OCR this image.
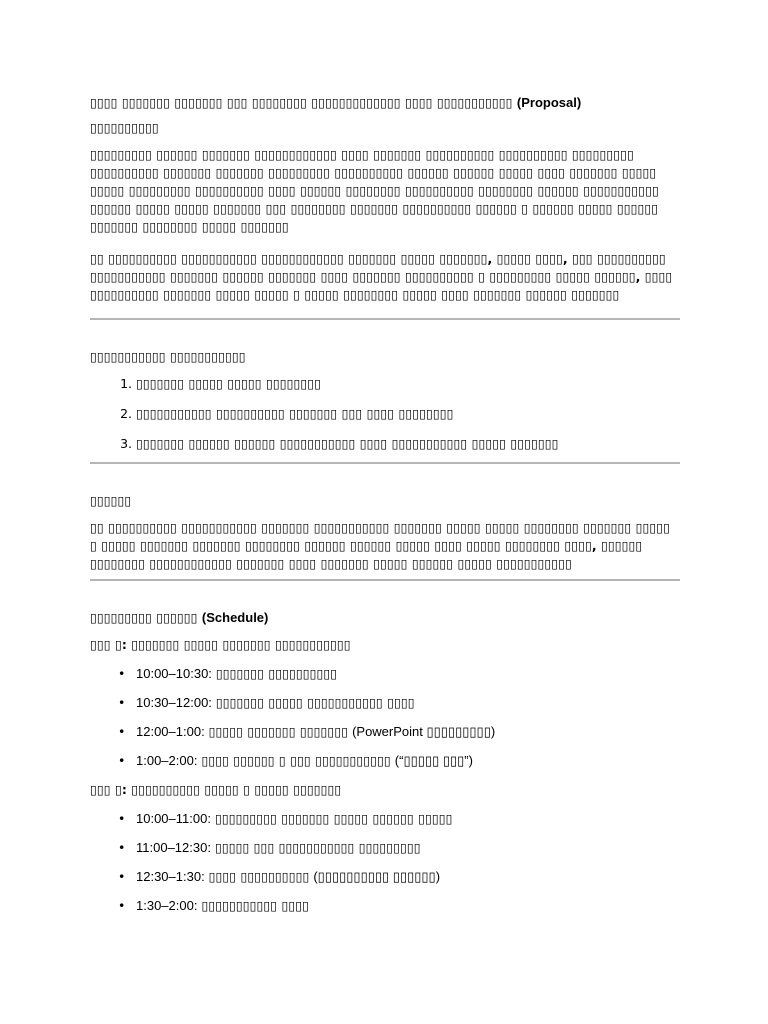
▯▯▯▯ ▯▯▯▯▯▯▯ ▯▯▯▯▯▯▯ ▯▯▯ ▯▯▯▯▯▯▯▯ ▯▯▯▯▯▯▯▯▯▯▯▯▯ ▯▯▯▯ ▯▯▯▯▯▯▯▯▯▯▯ (Proposal)
▯▯▯▯▯▯▯▯▯▯

▯▯▯▯▯▯▯▯▯ ▯▯▯▯▯▯ ▯▯▯▯▯▯▯ ▯▯▯▯▯▯▯▯▯▯▯▯ ▯▯▯▯ ▯▯▯▯▯▯▯ ▯▯▯▯▯▯▯▯▯▯ ▯▯▯▯▯▯▯▯▯▯ ▯▯▯▯▯▯▯▯▯ ▯▯▯▯▯▯▯▯▯▯ ▯▯▯▯▯▯▯ ▯▯▯▯▯▯▯ ▯▯▯▯▯▯▯▯▯ ▯▯▯▯▯▯▯▯▯▯ ▯▯▯▯▯▯ ▯▯▯▯▯▯ ▯▯▯▯▯ ▯▯▯▯ ▯▯▯▯▯▯▯ ▯▯▯▯▯ ▯▯▯▯▯ ▯▯▯▯▯▯▯▯▯ ▯▯▯▯▯▯▯▯▯▯ ▯▯▯▯ ▯▯▯▯▯▯ ▯▯▯▯▯▯▯▯ ▯▯▯▯▯▯▯▯▯▯ ▯▯▯▯▯▯▯▯ ▯▯▯▯▯▯ ▯▯▯▯▯▯▯▯▯▯▯ ▯▯▯▯▯▯ ▯▯▯▯▯ ▯▯▯▯▯ ▯▯▯▯▯▯▯ ▯▯▯ ▯▯▯▯▯▯▯▯ ▯▯▯▯▯▯▯ ▯▯▯▯▯▯▯▯▯▯ ▯▯▯▯▯▯ ▯ ▯▯▯▯▯▯ ▯▯▯▯▯ ▯▯▯▯▯▯ ▯▯▯▯▯▯▯ ▯▯▯▯▯▯▯▯ ▯▯▯▯▯ ▯▯▯▯▯▯▯

▯▯ ▯▯▯▯▯▯▯▯▯▯ ▯▯▯▯▯▯▯▯▯▯▯ ▯▯▯▯▯▯▯▯▯▯▯▯ ▯▯▯▯▯▯▯ ▯▯▯▯▯ ▯▯▯▯▯▯▯, ▯▯▯▯▯ ▯▯▯▯, ▯▯▯ ▯▯▯▯▯▯▯▯▯▯ ▯▯▯▯▯▯▯▯▯▯▯ ▯▯▯▯▯▯▯ ▯▯▯▯▯▯ ▯▯▯▯▯▯▯ ▯▯▯▯ ▯▯▯▯▯▯▯ ▯▯▯▯▯▯▯▯▯▯ ▯ ▯▯▯▯▯▯▯▯▯ ▯▯▯▯▯ ▯▯▯▯▯▯, ▯▯▯▯ ▯▯▯▯▯▯▯▯▯▯ ▯▯▯▯▯▯▯ ▯▯▯▯▯ ▯▯▯▯▯ ▯ ▯▯▯▯▯ ▯▯▯▯▯▯▯▯ ▯▯▯▯▯ ▯▯▯▯ ▯▯▯▯▯▯▯ ▯▯▯▯▯▯ ▯▯▯▯▯▯▯

▯▯▯▯▯▯▯▯▯▯▯ ▯▯▯▯▯▯▯▯▯▯▯
1. ▯▯▯▯▯▯▯ ▯▯▯▯▯ ▯▯▯▯▯ ▯▯▯▯▯▯▯▯
2. ▯▯▯▯▯▯▯▯▯▯▯ ▯▯▯▯▯▯▯▯▯▯ ▯▯▯▯▯▯▯ ▯▯▯ ▯▯▯▯ ▯▯▯▯▯▯▯▯
3. ▯▯▯▯▯▯▯ ▯▯▯▯▯▯ ▯▯▯▯▯▯ ▯▯▯▯▯▯▯▯▯▯▯ ▯▯▯▯ ▯▯▯▯▯▯▯▯▯▯▯ ▯▯▯▯▯ ▯▯▯▯▯▯▯
▯▯▯▯▯▯

▯▯ ▯▯▯▯▯▯▯▯▯▯ ▯▯▯▯▯▯▯▯▯▯▯ ▯▯▯▯▯▯▯ ▯▯▯▯▯▯▯▯▯▯▯ ▯▯▯▯▯▯▯ ▯▯▯▯▯ ▯▯▯▯▯ ▯▯▯▯▯▯▯▯ ▯▯▯▯▯▯▯ ▯▯▯▯▯ ▯ ▯▯▯▯▯ ▯▯▯▯▯▯▯ ▯▯▯▯▯▯▯ ▯▯▯▯▯▯▯▯ ▯▯▯▯▯▯ ▯▯▯▯▯▯ ▯▯▯▯▯ ▯▯▯▯ ▯▯▯▯▯ ▯▯▯▯▯▯▯▯ ▯▯▯▯, ▯▯▯▯▯▯ ▯▯▯▯▯▯▯▯ ▯▯▯▯▯▯▯▯▯▯▯▯ ▯▯▯▯▯▯▯ ▯▯▯▯ ▯▯▯▯▯▯▯ ▯▯▯▯▯ ▯▯▯▯▯▯ ▯▯▯▯▯ ▯▯▯▯▯▯▯▯▯▯▯

▯▯▯▯▯▯▯▯▯ ▯▯▯▯▯▯ (Schedule)
▯▯▯ ▯: ▯▯▯▯▯▯▯ ▯▯▯▯▯ ▯▯▯▯▯▯▯ ▯▯▯▯▯▯▯▯▯▯▯
• 10:00–10:30: ▯▯▯▯▯▯▯ ▯▯▯▯▯▯▯▯▯▯
• 10:30–12:00: ▯▯▯▯▯▯▯ ▯▯▯▯▯ ▯▯▯▯▯▯▯▯▯▯▯ ▯▯▯▯
• 12:00–1:00: ▯▯▯▯▯ ▯▯▯▯▯▯▯ ▯▯▯▯▯▯▯ (PowerPoint ▯▯▯▯▯▯▯▯▯)
• 1:00–2:00: ▯▯▯▯ ▯▯▯▯▯▯ ▯ ▯▯▯ ▯▯▯▯▯▯▯▯▯▯▯ (“▯▯▯▯▯ ▯▯▯”)
▯▯▯ ▯: ▯▯▯▯▯▯▯▯▯▯ ▯▯▯▯▯ ▯ ▯▯▯▯▯ ▯▯▯▯▯▯▯
• 10:00–11:00: ▯▯▯▯▯▯▯▯▯ ▯▯▯▯▯▯▯ ▯▯▯▯▯ ▯▯▯▯▯▯ ▯▯▯▯▯
• 11:00–12:30: ▯▯▯▯▯ ▯▯▯ ▯▯▯▯▯▯▯▯▯▯▯ ▯▯▯▯▯▯▯▯▯
• 12:30–1:30: ▯▯▯▯ ▯▯▯▯▯▯▯▯▯▯ (▯▯▯▯▯▯▯▯▯▯ ▯▯▯▯▯▯)
• 1:30–2:00: ▯▯▯▯▯▯▯▯▯▯▯ ▯▯▯▯
